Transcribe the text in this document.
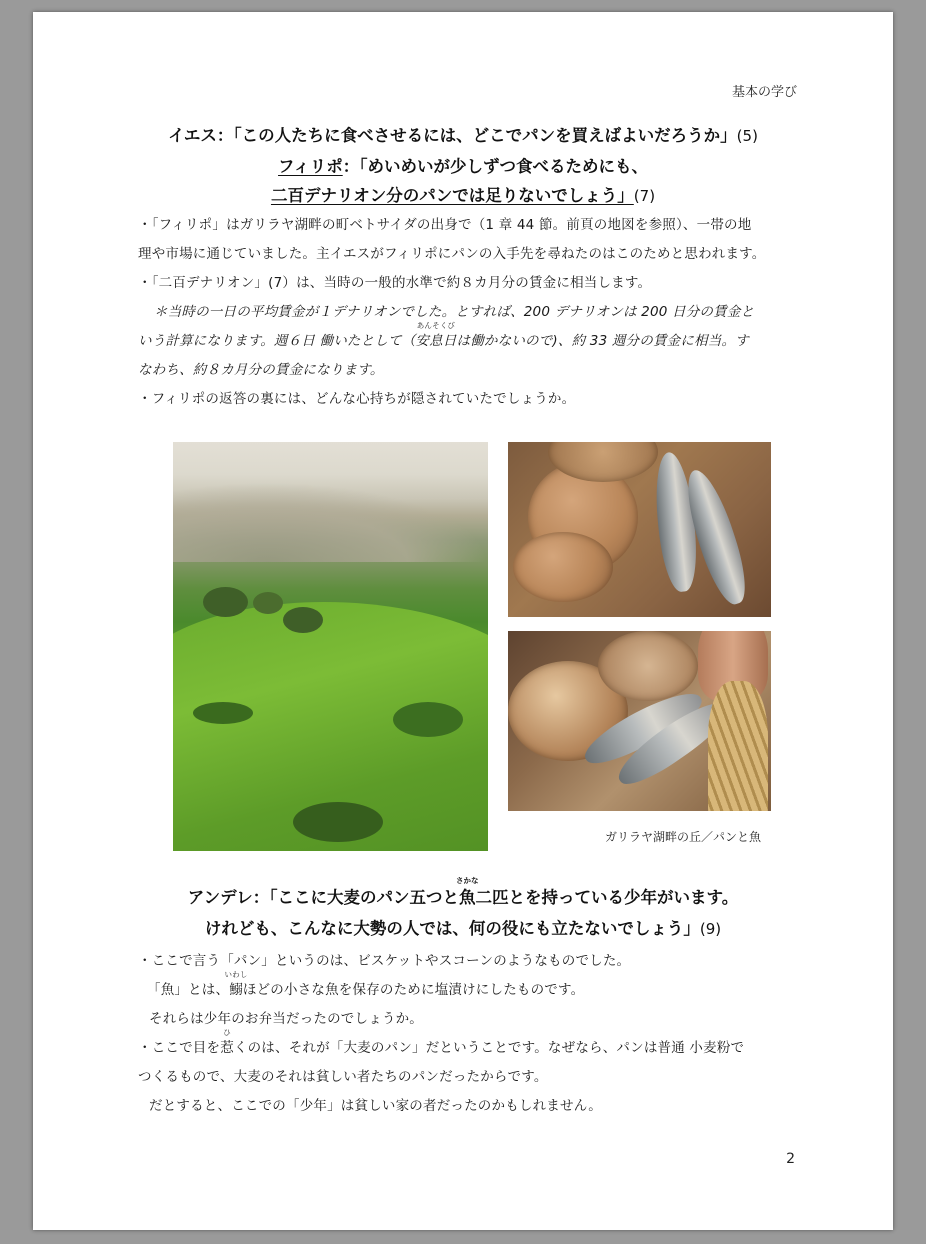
基本の学び
イエス：「この人たちに食べさせるには、どこでパンを買えばよいだろうか」(5)
フィリポ：「めいめいが少しずつ食べるためにも、
二百デナリオン分のパンでは足りないでしょう」(7)
・「フィリポ」はガリラヤ湖畔の町ベトサイダの出身で（1 章 44 節。前頁の地図を参照）、一帯の地
理や市場に通じていました。主イエスがフィリポにパンの入手先を尋ねたのはこのためと思われます。
・「二百デナリオン」(7）は、当時の一般的水準で約８カ月分の賃金に相当します。
＊当時の一日の平均賃金が１デナリオンでした。とすれば、200 デナリオンは 200 日分の賃金と
いう計算になります。週６日 働いたとして（
あんそくび
安息日は働かないので)、約 33 週分の賃金に相当。す
なわち、約８カ月分の賃金になります。
・フィリポの返答の裏には、どんな心持ちが隠されていたでしょうか。
ガリラヤ湖畔の丘／パンと魚
アンデレ：「ここに大麦のパン五つと
さかな
魚二匹とを持っている少年がいます。
けれども、こんなに大勢の人では、何の役にも立たないでしょう」(9)
・ここで言う「パン」というのは、ビスケットやスコーンのようなものでした。
「魚」とは、
いわし
鰯ほどの小さな魚を保存のために塩漬けにしたものです。
それらは少年のお弁当だったのでしょうか。
・ここで目を
ひ
惹くのは、それが「大麦のパン」だということです。なぜなら、パンは普通 小麦粉で
つくるもので、大麦のそれは貧しい者たちのパンだったからです。
だとすると、ここでの「少年」は貧しい家の者だったのかもしれません。
2
